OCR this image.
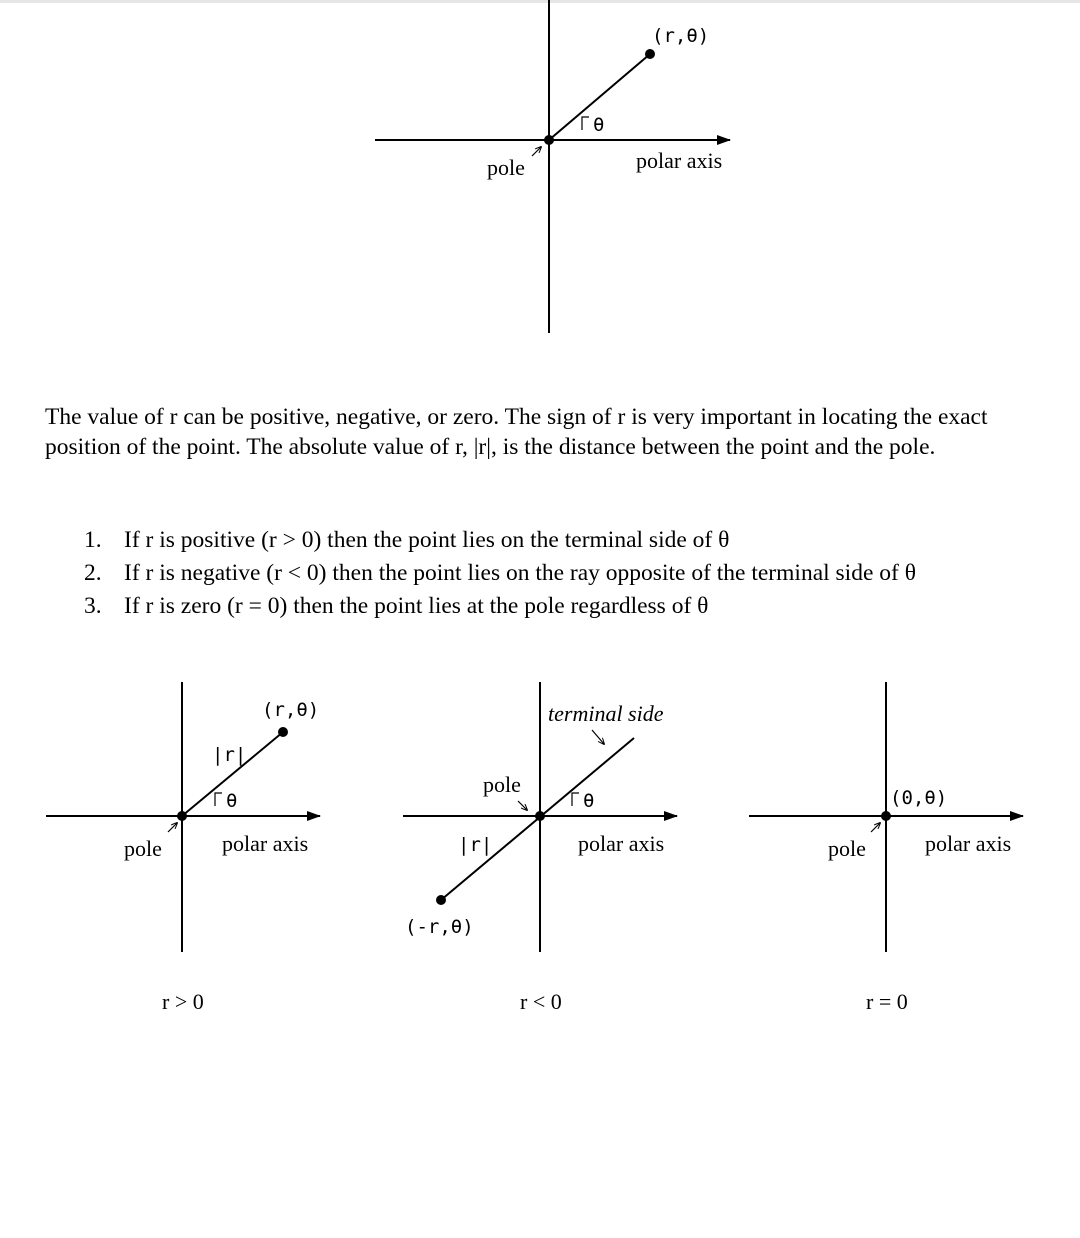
(r,θ)
θ
pole	polar axis
(r,θ)
|r|
θ
pole	polar axis
r > 0
terminal side
pole
θ
|r|
(-r,θ)
polar axis
r < 0
(0,θ)
pole	polar axis
r = 0

The value of r can be positive, negative, or zero. The sign of r is very important in locating the exact position of the point. The absolute value of r, |r|, is the distance between the point and the pole.

1. If r is positive (r > 0) then the point lies on the terminal side of θ
2. If r is negative (r < 0) then the point lies on the ray opposite of the terminal side of θ
3. If r is zero (r = 0) then the point lies at the pole regardless of θ
